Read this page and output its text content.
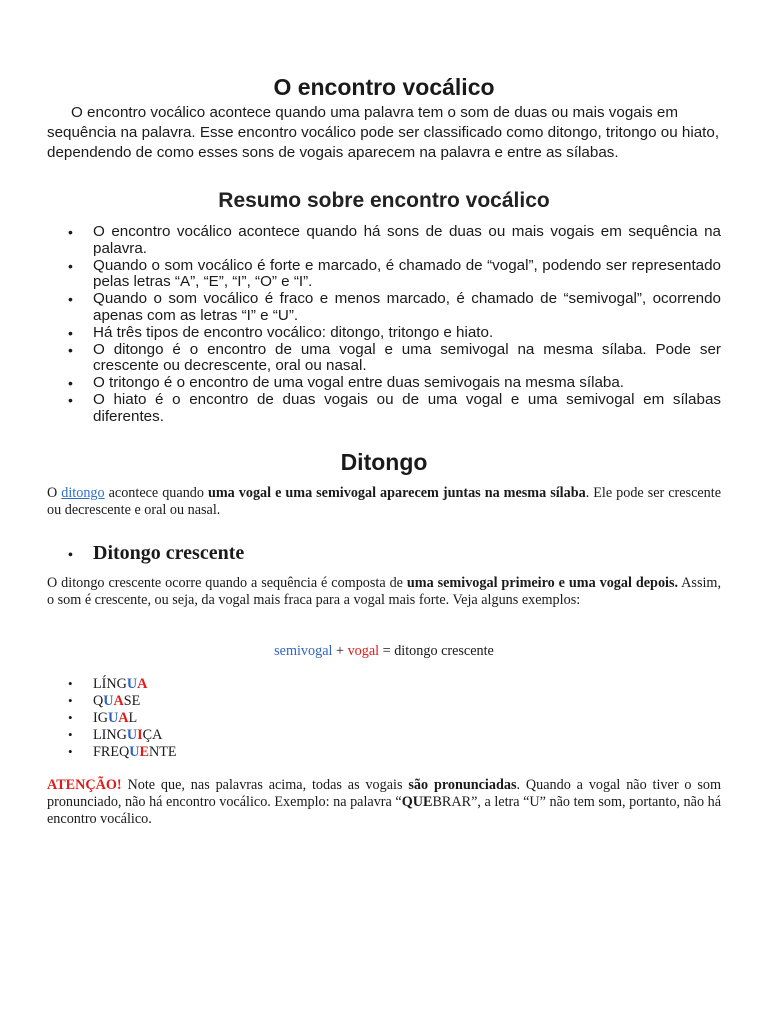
O encontro vocálico

O encontro vocálico acontece quando uma palavra tem o som de duas ou mais vogais em sequência na palavra. Esse encontro vocálico pode ser classificado como ditongo, tritongo ou hiato, dependendo de como esses sons de vogais aparecem na palavra e entre as sílabas.

Resumo sobre encontro vocálico
• O encontro vocálico acontece quando há sons de duas ou mais vogais em sequência na palavra.
• Quando o som vocálico é forte e marcado, é chamado de “vogal”, podendo ser representado pelas letras “A”, “E”, “I”, “O” e “I”.
• Quando o som vocálico é fraco e menos marcado, é chamado de “semivogal”, ocorrendo apenas com as letras “I” e “U”.
• Há três tipos de encontro vocálico: ditongo, tritongo e hiato.
• O ditongo é o encontro de uma vogal e uma semivogal na mesma sílaba. Pode ser crescente ou decrescente, oral ou nasal.
• O tritongo é o encontro de uma vogal entre duas semivogais na mesma sílaba.
• O hiato é o encontro de duas vogais ou de uma vogal e uma semivogal em sílabas diferentes.
Ditongo

O ditongo acontece quando uma vogal e uma semivogal aparecem juntas na mesma sílaba. Ele pode ser crescente ou decrescente e oral ou nasal.

• Ditongo crescente

O ditongo crescente ocorre quando a sequência é composta de uma semivogal primeiro e uma vogal depois. Assim, o som é crescente, ou seja, da vogal mais fraca para a vogal mais forte. Veja alguns exemplos:

semivogal + vogal = ditongo crescente

• LÍNGUA
• QUASE
• IGUAL
• LINGUIÇA
• FREQUENTE

ATENÇÃO! Note que, nas palavras acima, todas as vogais são pronunciadas. Quando a vogal não tiver o som pronunciado, não há encontro vocálico. Exemplo: na palavra “QUEBRAR”, a letra “U” não tem som, portanto, não há encontro vocálico.
